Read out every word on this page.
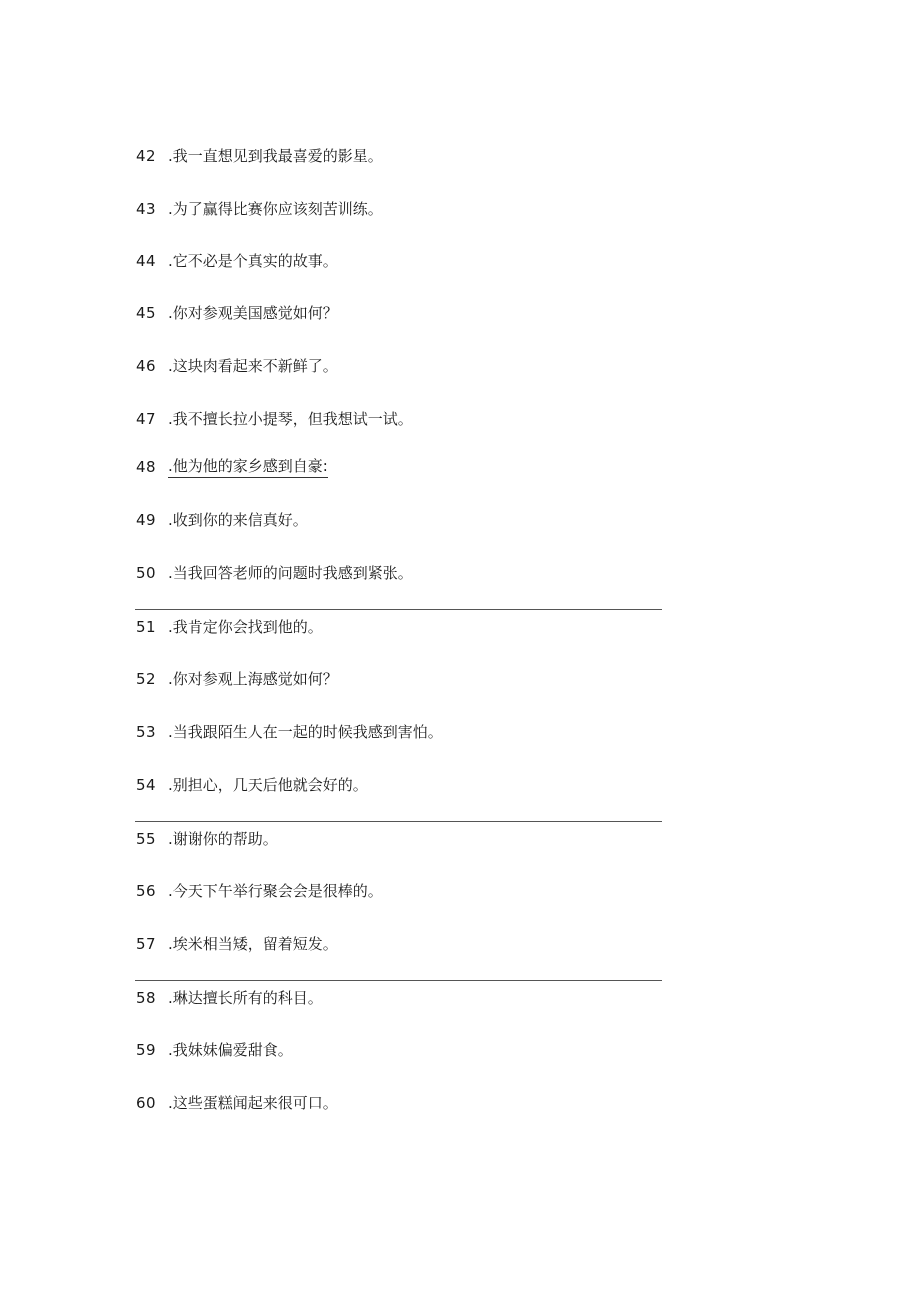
42 .我一直想见到我最喜爱的影星。
43 .为了赢得比赛你应该刻苦训练。
44 .它不必是个真实的故事。
45 .你对参观美国感觉如何？
46 .这块肉看起来不新鲜了。
47 .我不擅长拉小提琴，但我想试一试。
48 .他为他的家乡感到自豪:
49 .收到你的来信真好。
50 .当我回答老师的问题时我感到紧张。
51 .我肯定你会找到他的。
52 .你对参观上海感觉如何？
53 .当我跟陌生人在一起的时候我感到害怕。
54 .别担心，几天后他就会好的。
55 .谢谢你的帮助。
56 .今天下午举行聚会会是很棒的。
57 .埃米相当矮，留着短发。
58 .琳达擅长所有的科目。
59 .我妹妹偏爱甜食。
60 .这些蛋糕闻起来很可口。
